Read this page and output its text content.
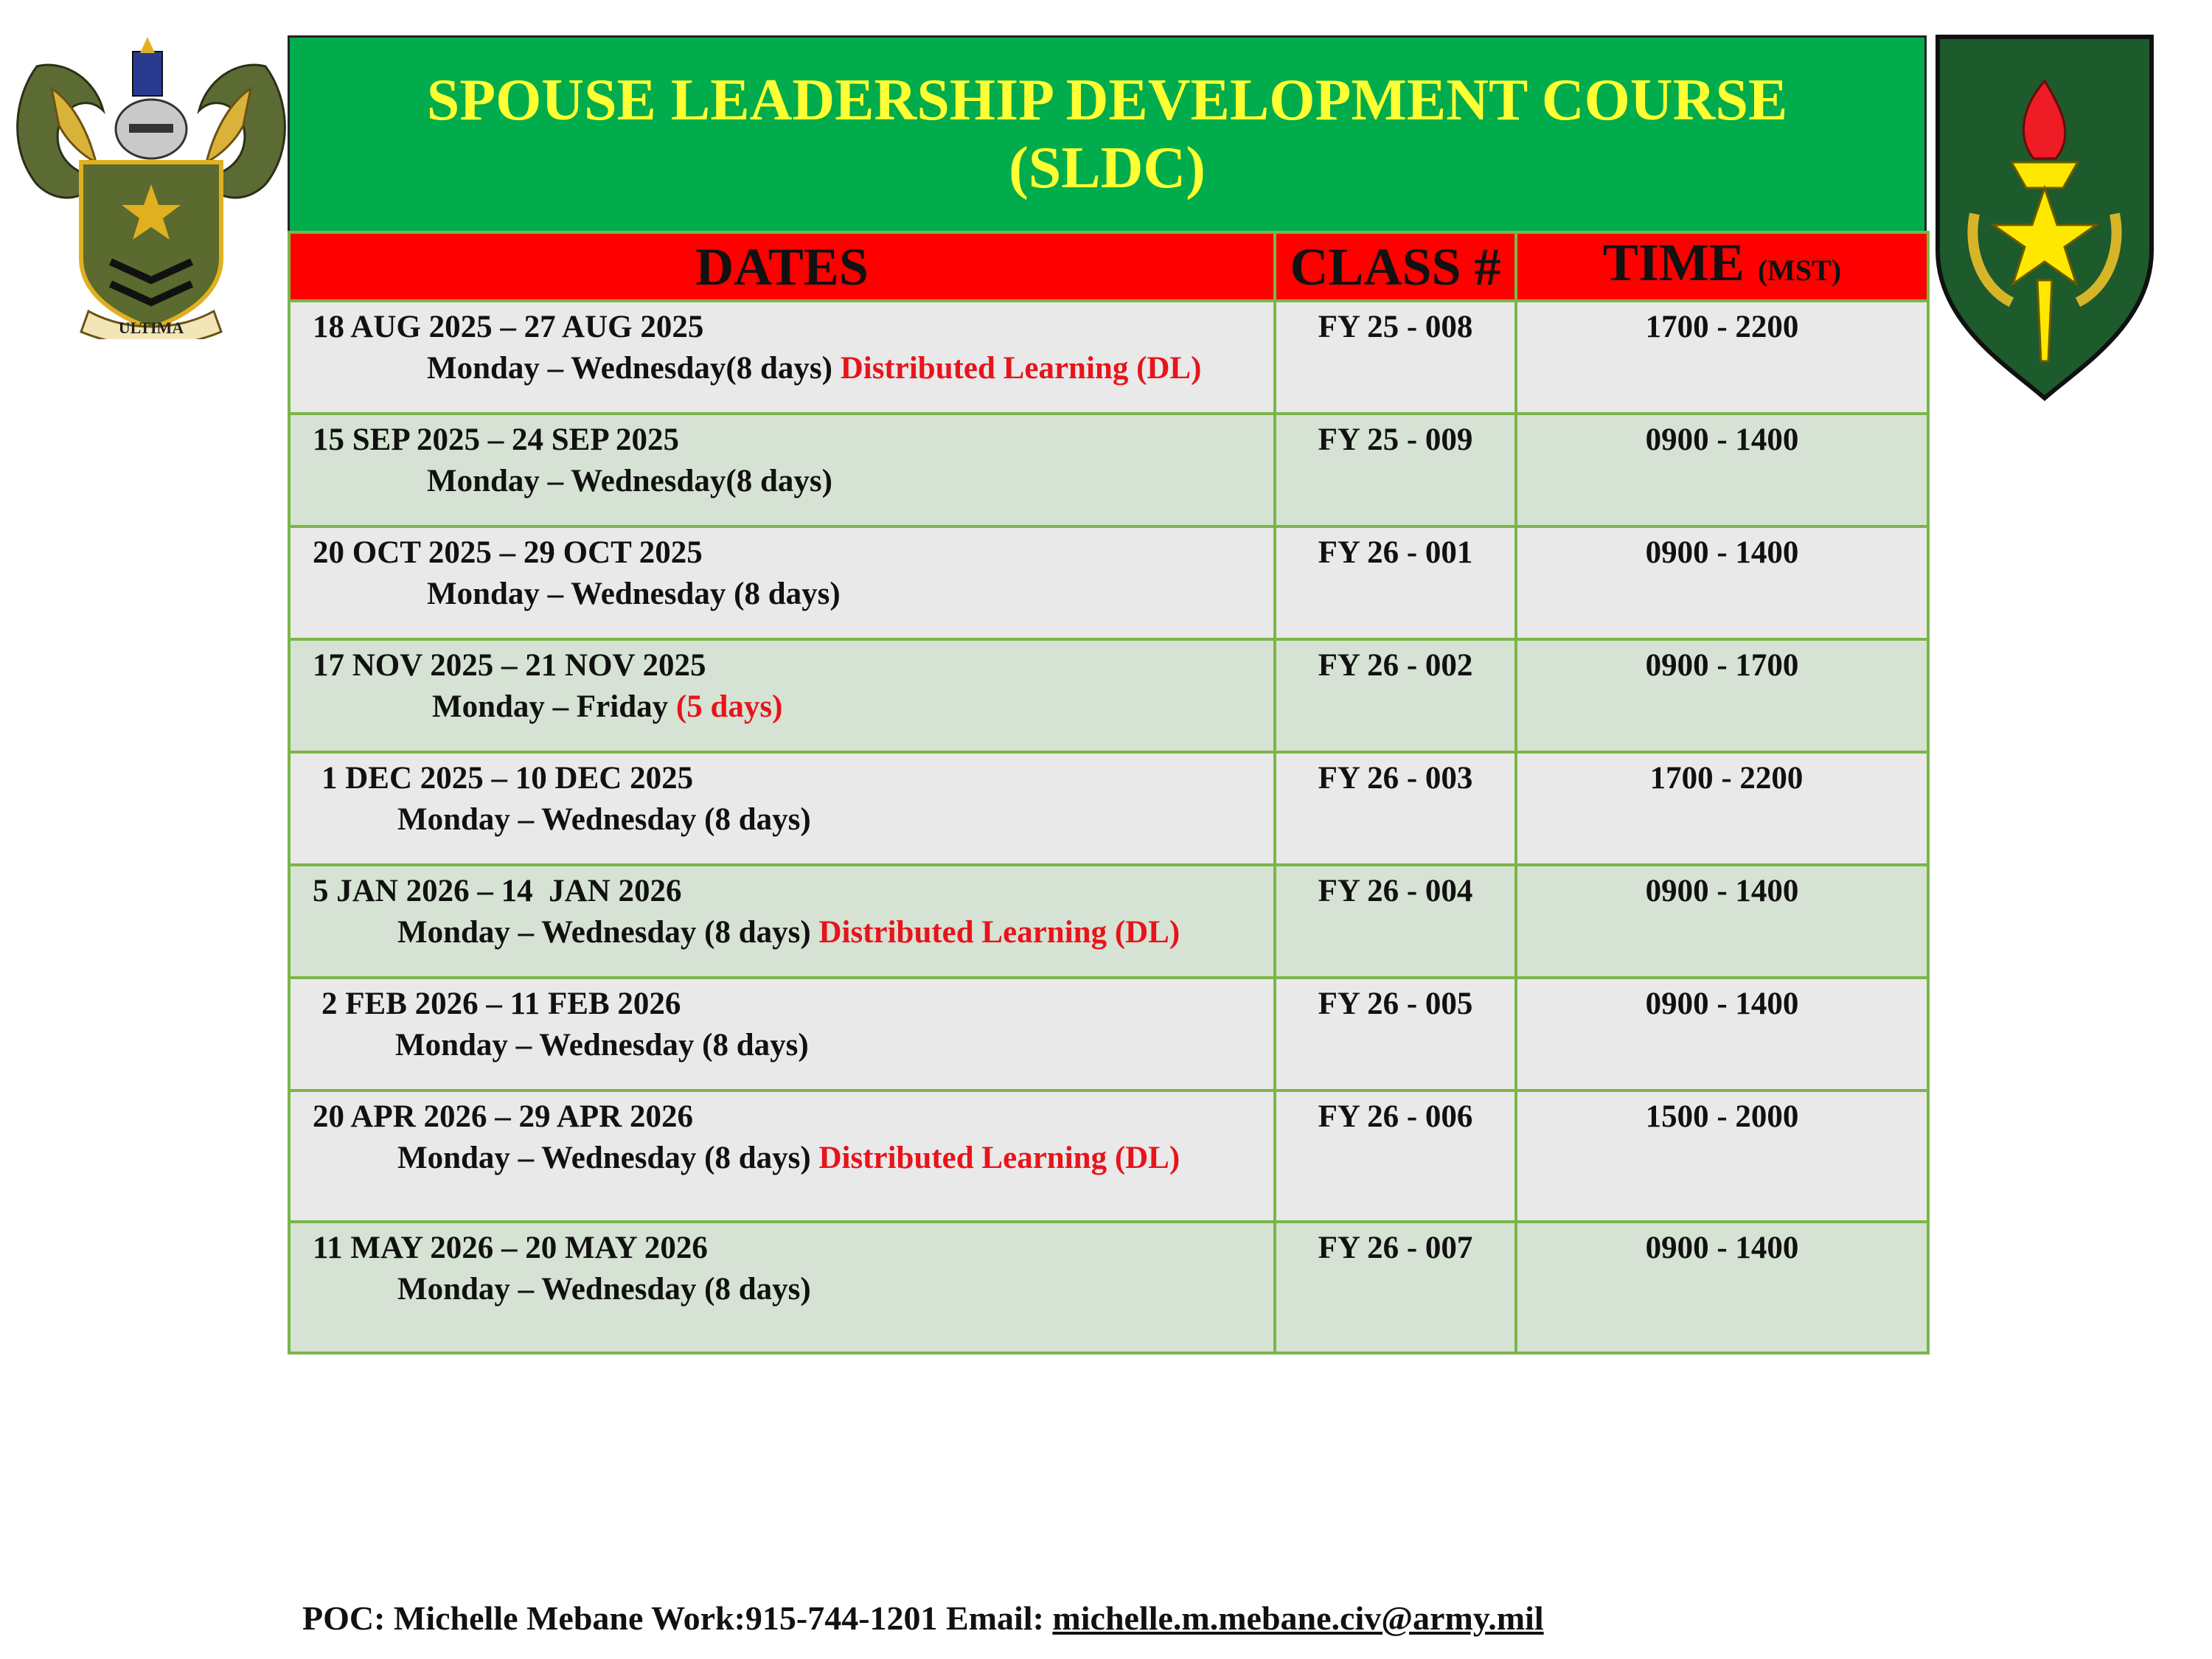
ULTIMA
SPOUSE LEADERSHIP DEVELOPMENT COURSE
(SLDC)
DATES	CLASS #	TIME (MST)

18 AUG 2025 – 27 AUG 2025
Monday – Wednesday(8 days) Distributed Learning (DL)	FY 25 - 008	1700 - 2200

15 SEP 2025 – 24 SEP 2025
Monday – Wednesday(8 days)	FY 25 - 009	0900 - 1400

20 OCT 2025 – 29 OCT 2025
Monday – Wednesday (8 days)	FY 26 - 001	0900 - 1400

17 NOV 2025 – 21 NOV 2025
Monday – Friday (5 days)	FY 26 - 002	0900 - 1700

1 DEC 2025 – 10 DEC 2025
Monday – Wednesday (8 days)	FY 26 - 003	1700 - 2200

5 JAN 2026 – 14  JAN 2026
Monday – Wednesday (8 days) Distributed Learning (DL)	FY 26 - 004	0900 - 1400

2 FEB 2026 – 11 FEB 2026
Monday – Wednesday (8 days)	FY 26 - 005	0900 - 1400

20 APR 2026 – 29 APR 2026
Monday – Wednesday (8 days) Distributed Learning (DL)	FY 26 - 006	1500 - 2000

11 MAY 2026 – 20 MAY 2026
Monday – Wednesday (8 days)	FY 26 - 007	0900 - 1400
POC: Michelle Mebane Work:915-744-1201 Email: michelle.m.mebane.civ@army.mil
